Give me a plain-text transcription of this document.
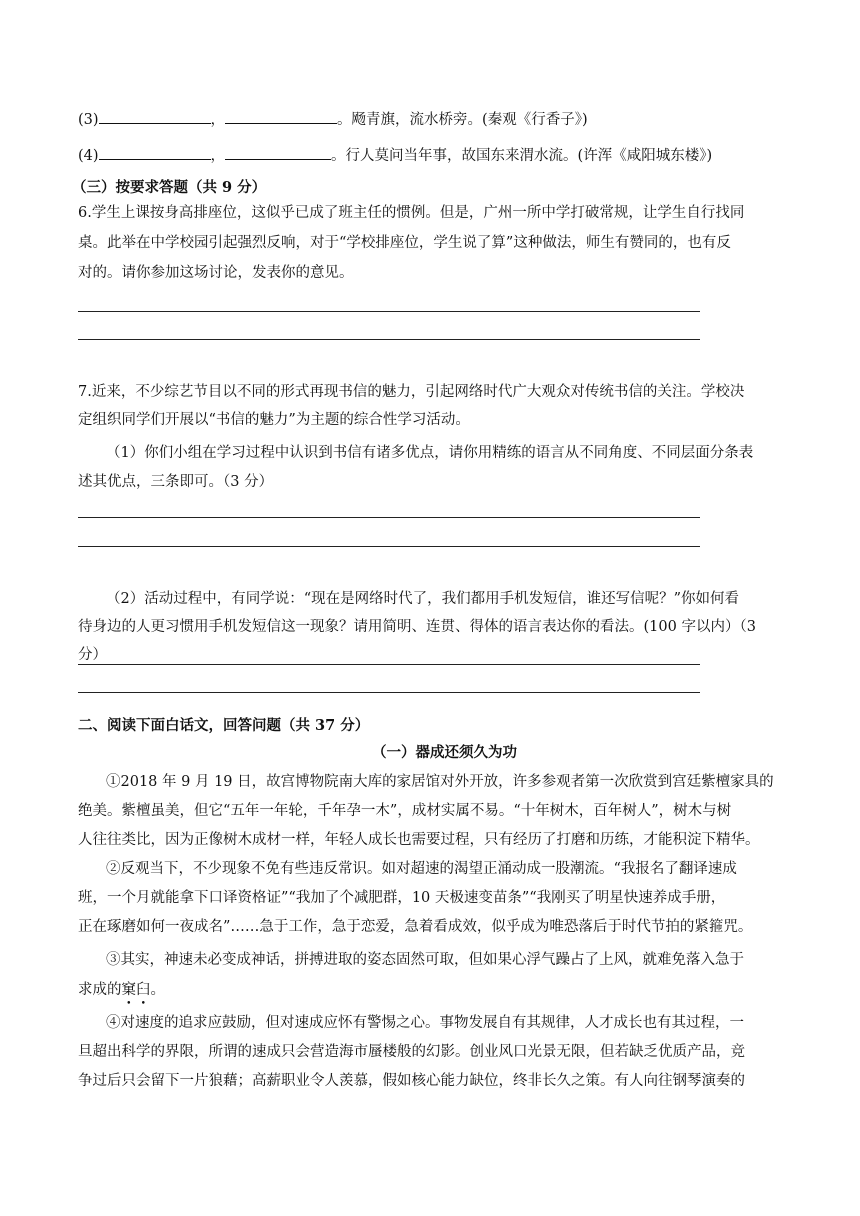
(3)	，	。飏青旗，流水桥旁。(秦观《行香子》)
(4)	，	。行人莫问当年事，故国东来渭水流。(许浑《咸阳城东楼》)
（三）按要求答题（共 9 分）
6.学生上课按身高排座位，这似乎已成了班主任的惯例。但是，广州一所中学打破常规，让学生自行找同
桌。此举在中学校园引起强烈反响，对于“学校排座位，学生说了算”这种做法，师生有赞同的，也有反
对的。请你参加这场讨论，发表你的意见。
7.近来，不少综艺节目以不同的形式再现书信的魅力，引起网络时代广大观众对传统书信的关注。学校决
定组织同学们开展以“书信的魅力”为主题的综合性学习活动。
（1）你们小组在学习过程中认识到书信有诸多优点，请你用精练的语言从不同角度、不同层面分条表
述其优点，三条即可。（3 分）
（2）活动过程中，有同学说：“现在是网络时代了，我们都用手机发短信，谁还写信呢？”你如何看
待身边的人更习惯用手机发短信这一现象？请用简明、连贯、得体的语言表达你的看法。(100 字以内）（3
分）
二、阅读下面白话文，回答问题（共 37 分）
（一）器成还须久为功
①2018 年 9 月 19 日，故宫博物院南大库的家居馆对外开放，许多参观者第一次欣赏到宫廷紫檀家具的
绝美。紫檀虽美，但它“五年一年轮，千年孕一木”，成材实属不易。“十年树木，百年树人”，树木与树
人往往类比，因为正像树木成材一样，年轻人成长也需要过程，只有经历了打磨和历练，才能积淀下精华。
②反观当下，不少现象不免有些违反常识。如对超速的渴望正涌动成一股潮流。“我报名了翻译速成
班，一个月就能拿下口译资格证”“我加了个减肥群，10 天极速变苗条”“我刚买了明星快速养成手册，
正在琢磨如何一夜成名”……急于工作，急于恋爱，急着看成效，似乎成为唯恐落后于时代节拍的紧箍咒。
③其实，神速未必变成神话，拼搏进取的姿态固然可取，但如果心浮气躁占了上风，就难免落入急于
求成的窠臼。
④对速度的追求应鼓励，但对速成应怀有警惕之心。事物发展自有其规律，人才成长也有其过程，一
旦超出科学的界限，所谓的速成只会营造海市蜃楼般的幻影。创业风口光景无限，但若缺乏优质产品，竞
争过后只会留下一片狼藉；高薪职业令人羡慕，假如核心能力缺位，终非长久之策。有人向往钢琴演奏的
